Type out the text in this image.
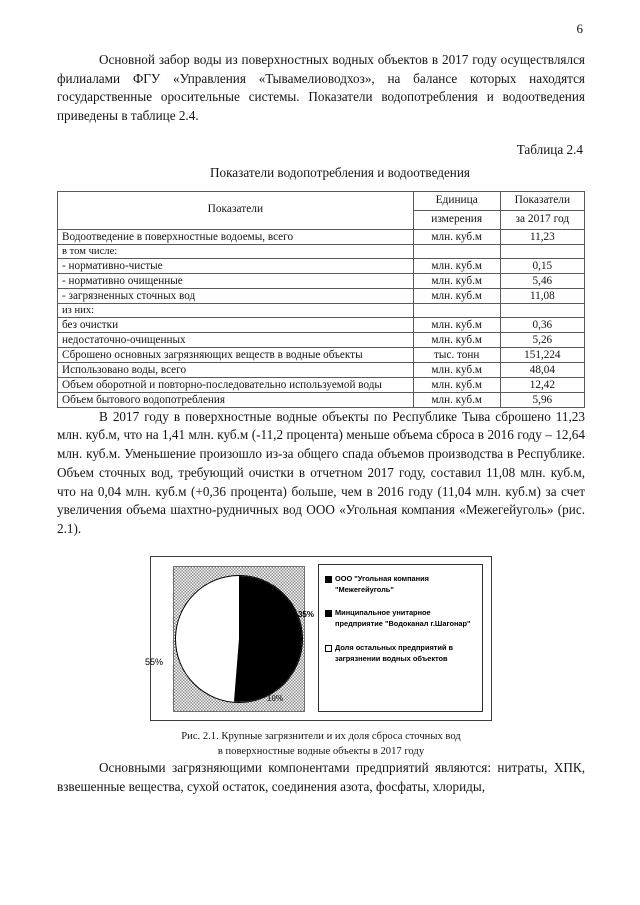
6

Основной забор воды из поверхностных водных объектов в 2017 году осуществлялся филиалами ФГУ «Управления «Тывамелиоводхоз», на балансе которых находятся государственные оросительные системы. Показатели водопотребления и водоотведения приведены в таблице 2.4.

Таблица 2.4
Показатели водопотребления и водоотведения
Показатели	Единица	Показатели
	измерения	за 2017 год
Водоотведение в поверхностные водоемы, всего	млн. куб.м	11,23
в том числе:		
- нормативно-чистые	млн. куб.м	0,15
- нормативно очищенные	млн. куб.м	5,46
- загрязненных сточных вод	млн. куб.м	11,08
из них:		
без очистки	млн. куб.м	0,36
недостаточно-очищенных	млн. куб.м	5,26
Сброшено основных загрязняющих веществ в водные объекты	тыс. тонн	151,224
Использовано воды, всего	млн. куб.м	48,04
Объем оборотной и повторно-последовательно используемой воды	млн. куб.м	12,42
Объем бытового водопотребления	млн. куб.м	5,96

В 2017 году в поверхностные водные объекты по Республике Тыва сброшено 11,23 млн. куб.м, что на 1,41 млн. куб.м (-11,2 процента) меньше объема сброса в 2016 году – 12,64 млн. куб.м. Уменьшение произошло из-за общего спада объемов производства в Республике. Объем сточных вод, требующий очистки в отчетном 2017 году, составил 11,08 млн. куб.м, что на 0,04 млн. куб.м (+0,36 процента) больше, чем в 2016 году (11,04 млн. куб.м) за счет увеличения объема шахтно-рудничных вод ООО «Угольная компания «Межегейуголь» (рис. 2.1).

35%
55%
10%
ООО "Угольная компания
"Межегейуголь"
Минципальное унитарное
предприятие "Водоканал г.Шагонар"
Доля остальных предприятий в
загрязнении водных объектов
Рис. 2.1. Крупные загрязнители и их доля сброса сточных вод
в поверхностные водные объекты в 2017 году

Основными загрязняющими компонентами предприятий являются: нитраты, ХПК, взвешенные вещества, сухой остаток, соединения азота, фосфаты, хлориды,
